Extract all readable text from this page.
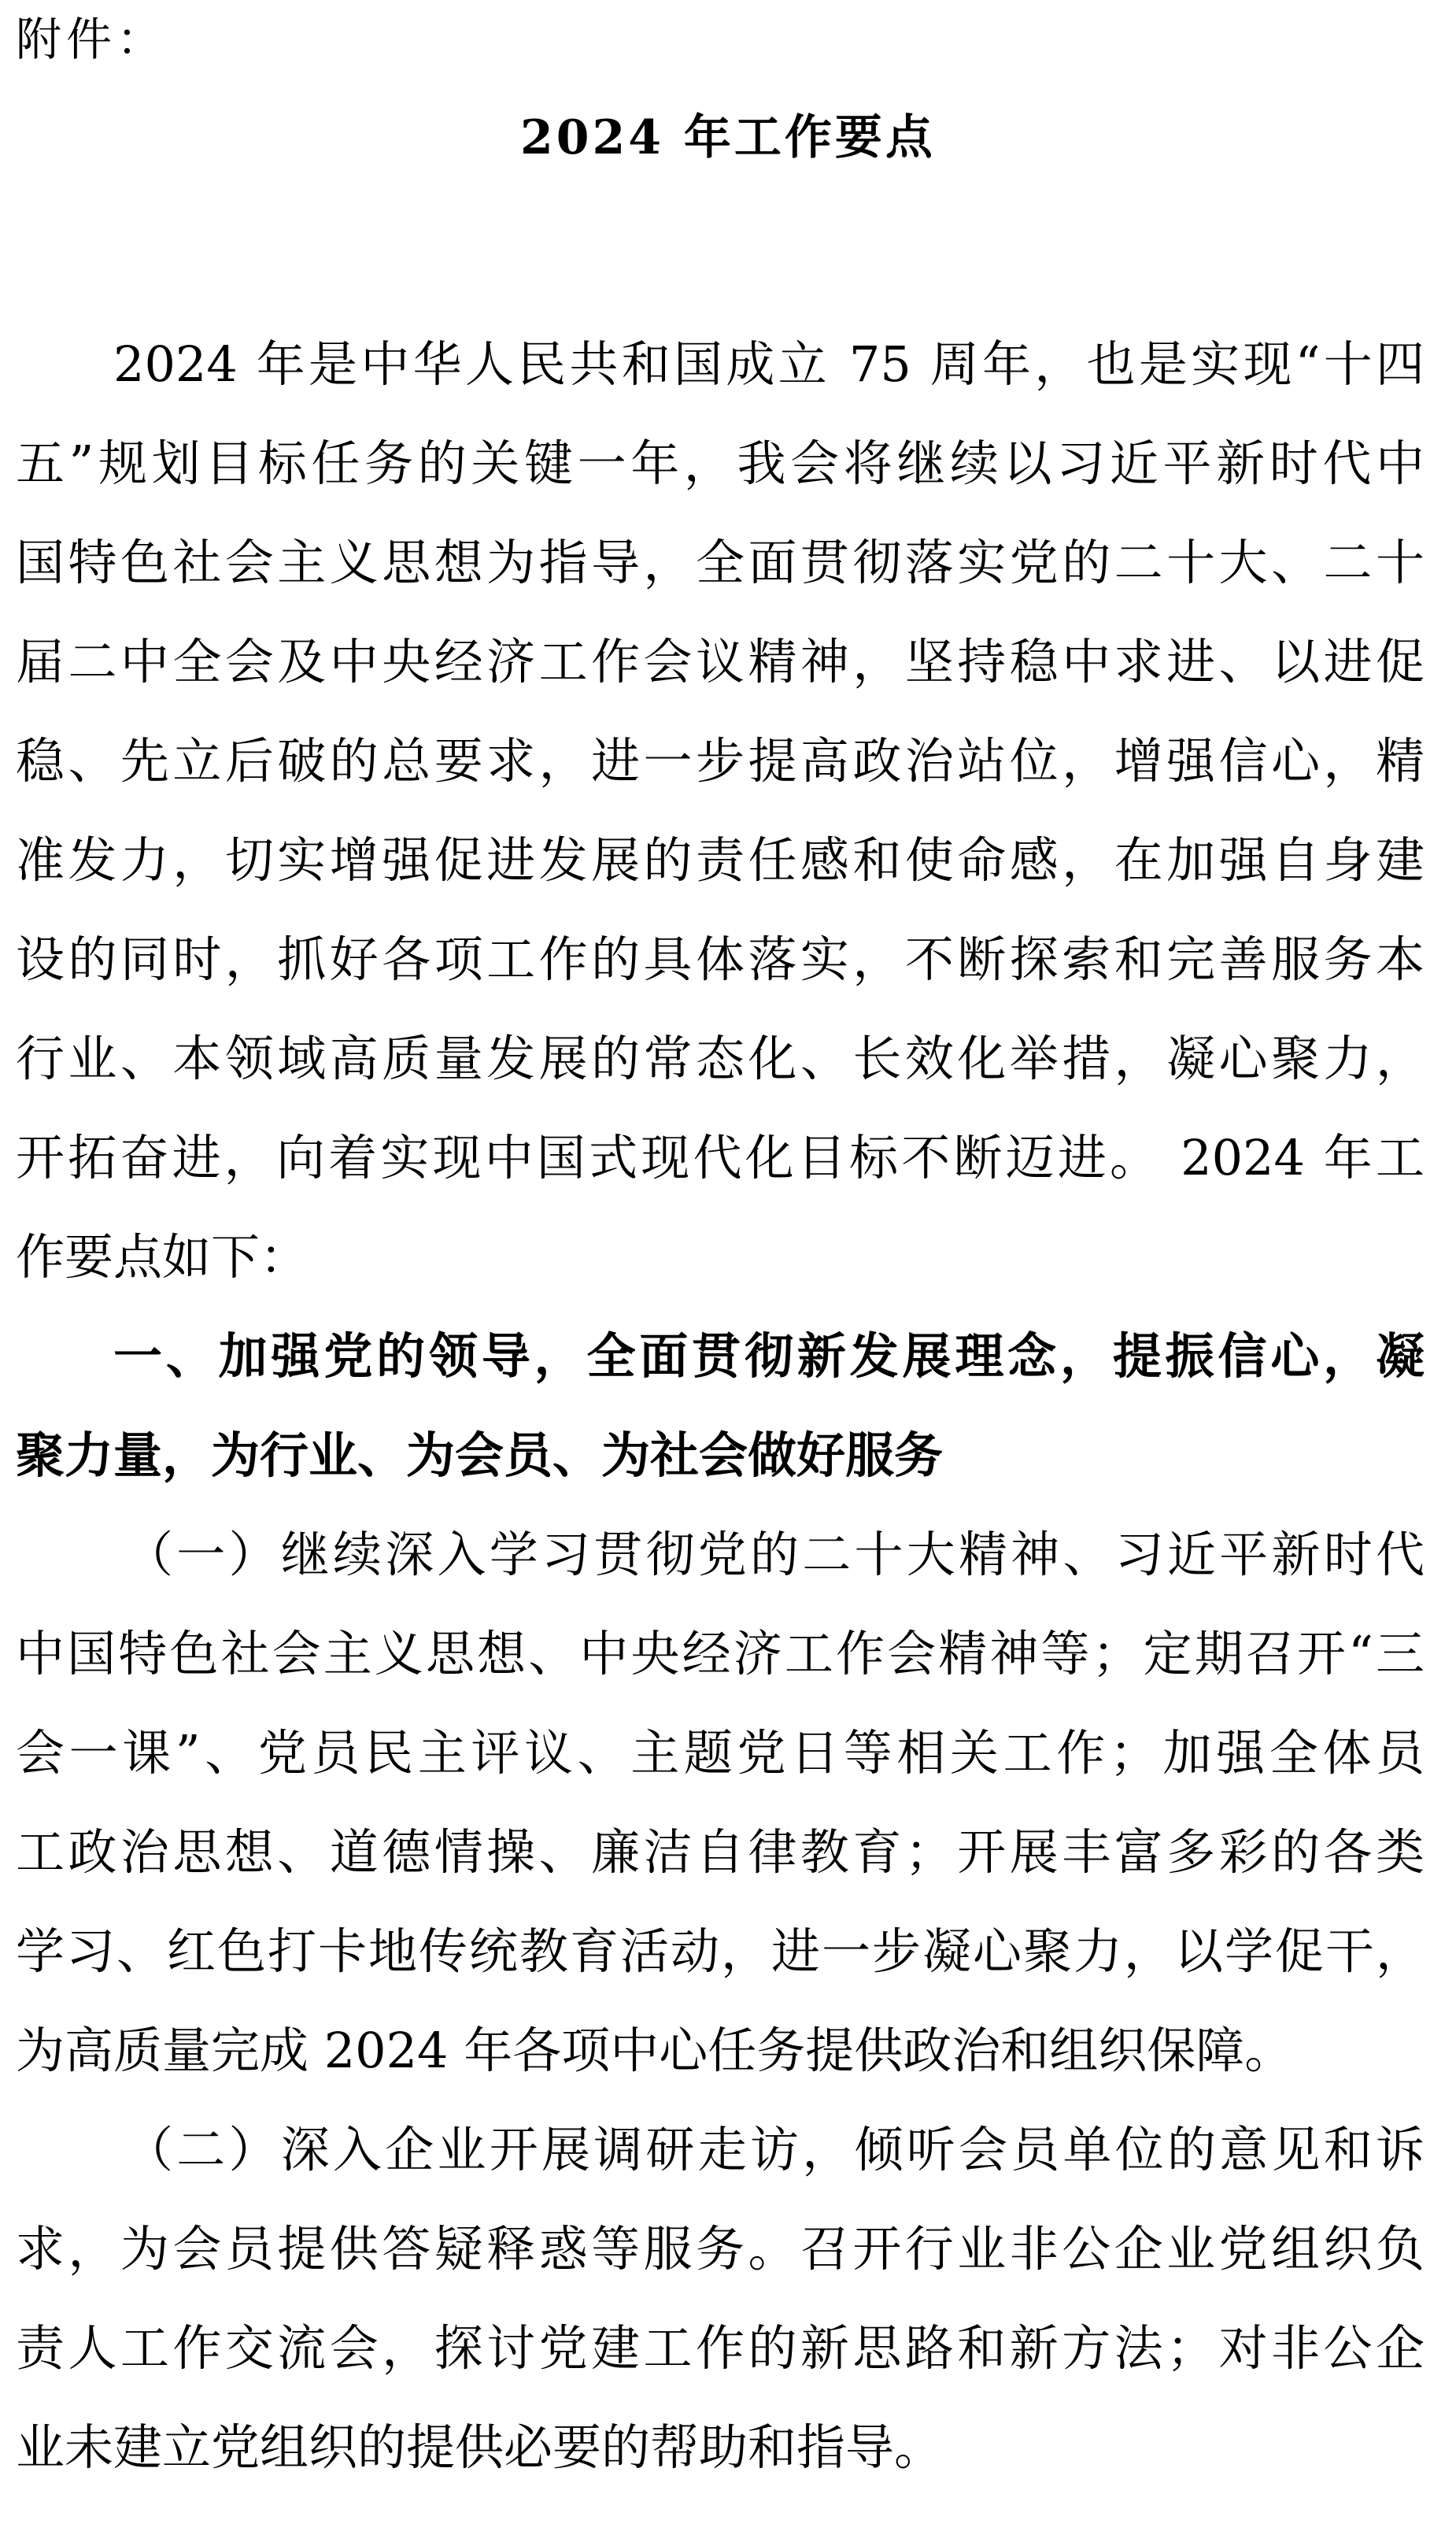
附件：
2024 年工作要点
2024 年是中华人民共和国成立 75 周年，也是实现“十四
五”规划目标任务的关键一年，我会将继续以习近平新时代中
国特色社会主义思想为指导，全面贯彻落实党的二十大、二十
届二中全会及中央经济工作会议精神，坚持稳中求进、以进促
稳、先立后破的总要求，进一步提高政治站位，增强信心，精
准发力，切实增强促进发展的责任感和使命感，在加强自身建
设的同时，抓好各项工作的具体落实，不断探索和完善服务本
行业、本领域高质量发展的常态化、长效化举措，凝心聚力，
开拓奋进，向着实现中国式现代化目标不断迈进。 2024 年工
作要点如下：
一、加强党的领导，全面贯彻新发展理念，提振信心，凝
聚力量，为行业、为会员、为社会做好服务
（一）继续深入学习贯彻党的二十大精神、习近平新时代
中国特色社会主义思想、中央经济工作会精神等；定期召开“三
会一课”、党员民主评议、主题党日等相关工作；加强全体员
工政治思想、道德情操、廉洁自律教育；开展丰富多彩的各类
学习、红色打卡地传统教育活动，进一步凝心聚力，以学促干，
为高质量完成 2024 年各项中心任务提供政治和组织保障。
（二）深入企业开展调研走访，倾听会员单位的意见和诉
求，为会员提供答疑释惑等服务。召开行业非公企业党组织负
责人工作交流会，探讨党建工作的新思路和新方法；对非公企
业未建立党组织的提供必要的帮助和指导。
